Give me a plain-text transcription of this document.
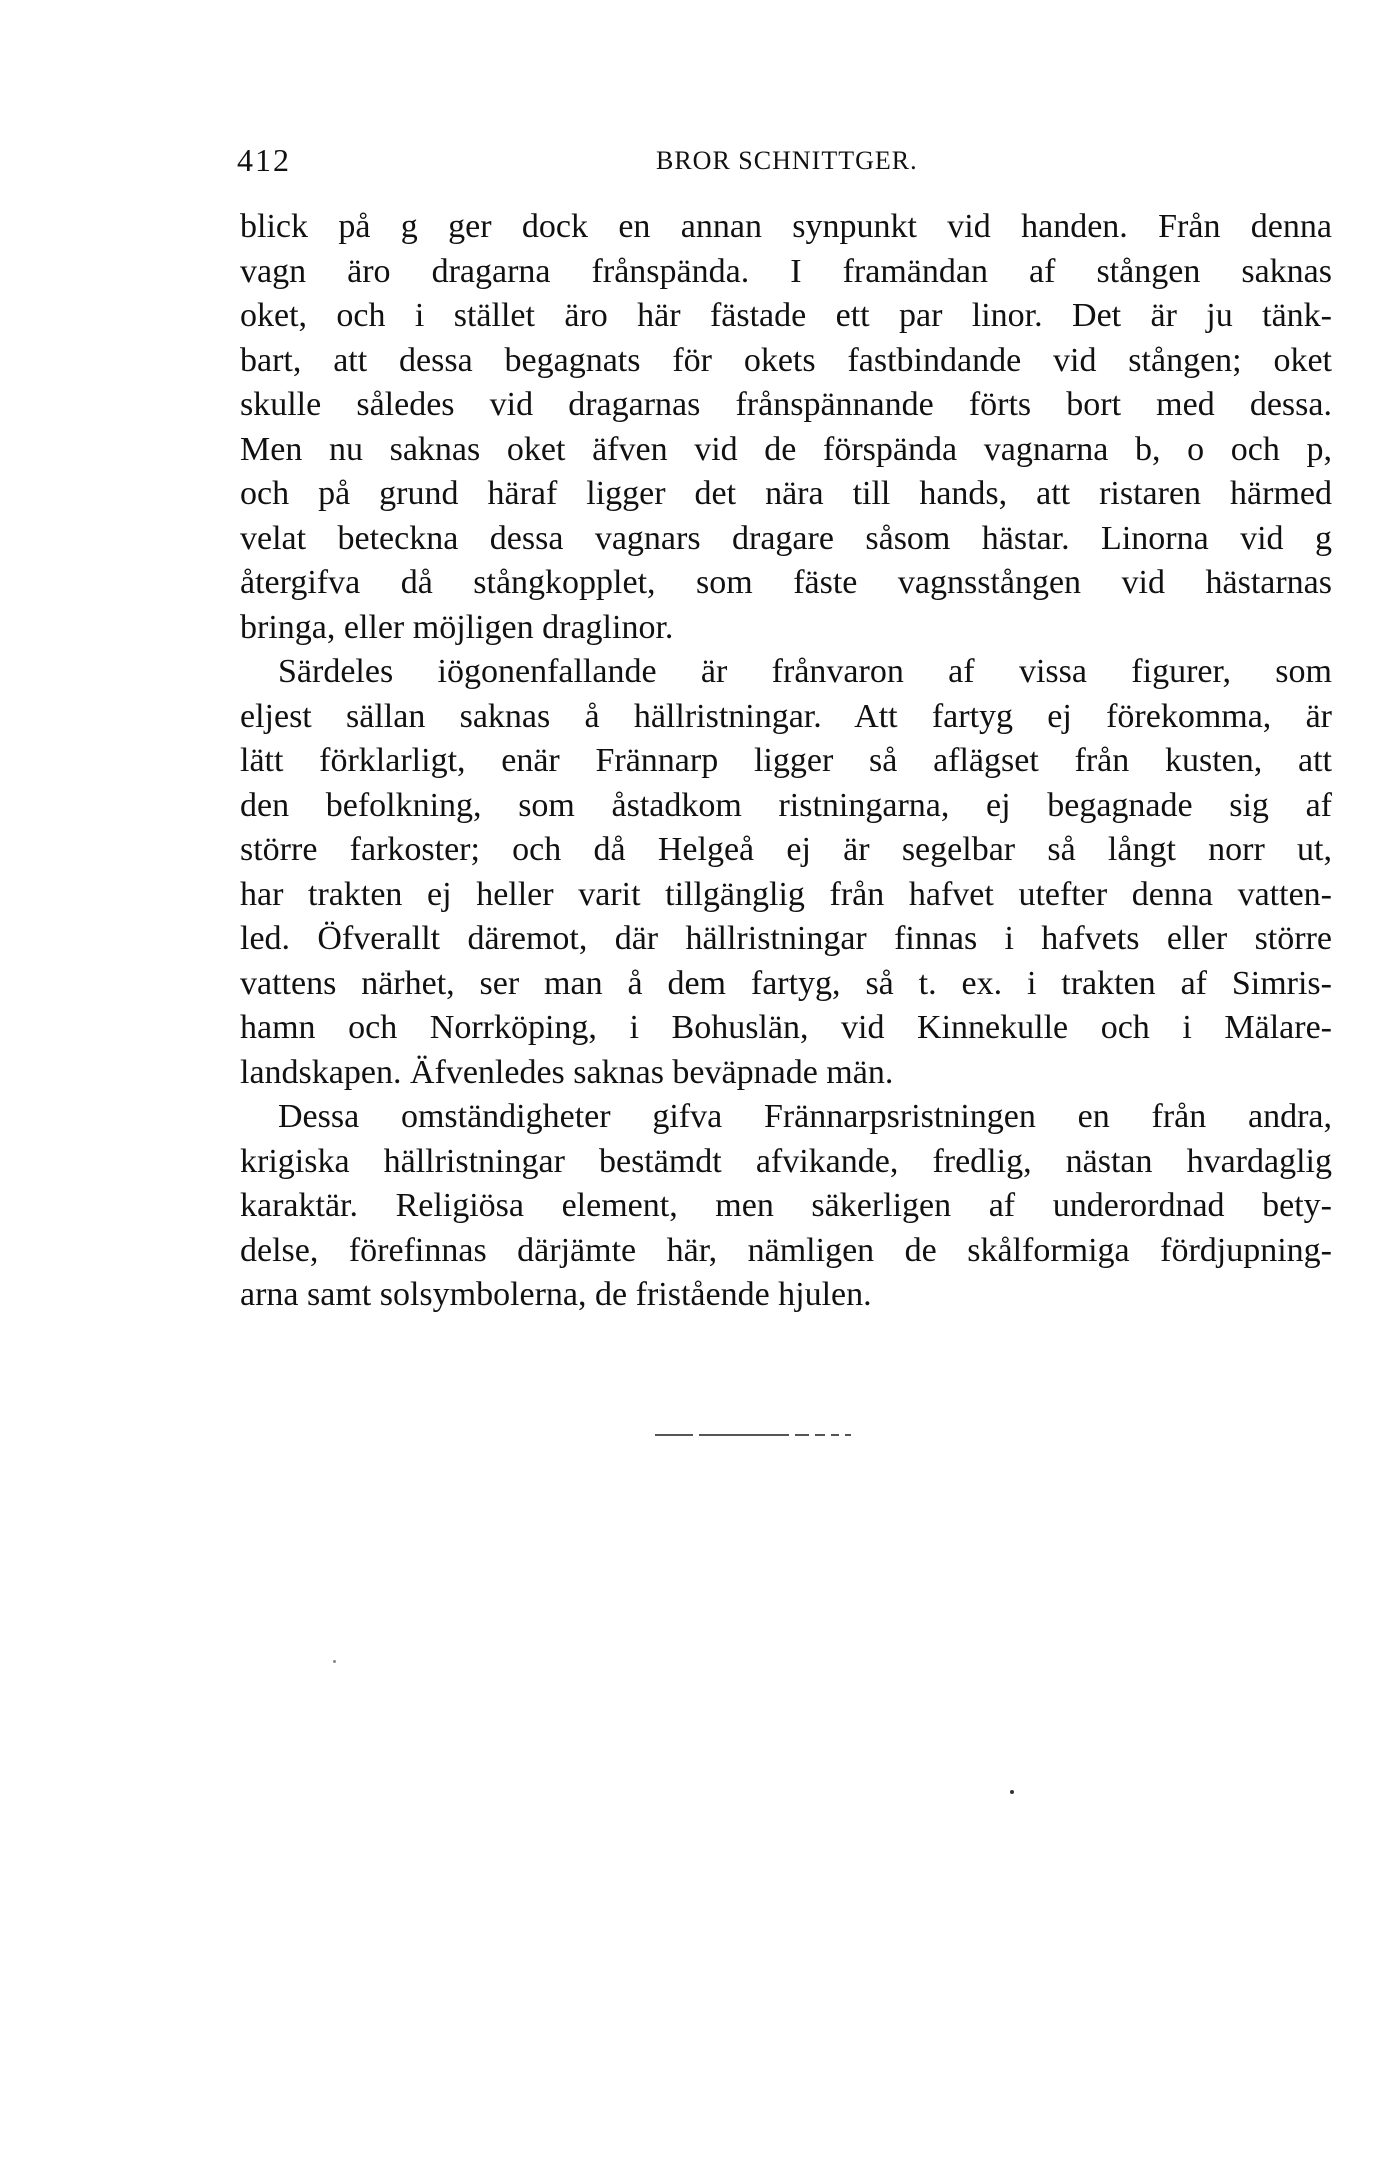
412	BROR SCHNITTGER.
blick på g ger dock en annan synpunkt vid handen. Från denna
vagn äro dragarna frånspända. I framändan af stången saknas
oket, och i stället äro här fästade ett par linor. Det är ju tänk-
bart, att dessa begagnats för okets fastbindande vid stången; oket
skulle således vid dragarnas frånspännande förts bort med dessa.
Men nu saknas oket äfven vid de förspända vagnarna b, o och p,
och på grund häraf ligger det nära till hands, att ristaren härmed
velat beteckna dessa vagnars dragare såsom hästar. Linorna vid g
återgifva då stångkopplet, som fäste vagnsstången vid hästarnas
bringa, eller möjligen draglinor.
Särdeles iögonenfallande är frånvaron af vissa figurer, som
eljest sällan saknas å hällristningar. Att fartyg ej förekomma, är
lätt förklarligt, enär Frännarp ligger så aflägset från kusten, att
den befolkning, som åstadkom ristningarna, ej begagnade sig af
större farkoster; och då Helgeå ej är segelbar så långt norr ut,
har trakten ej heller varit tillgänglig från hafvet utefter denna vatten-
led. Öfverallt däremot, där hällristningar finnas i hafvets eller större
vattens närhet, ser man å dem fartyg, så t. ex. i trakten af Simris-
hamn och Norrköping, i Bohuslän, vid Kinnekulle och i Mälare-
landskapen. Äfvenledes saknas beväpnade män.
Dessa omständigheter gifva Frännarpsristningen en från andra,
krigiska hällristningar bestämdt afvikande, fredlig, nästan hvardaglig
karaktär. Religiösa element, men säkerligen af underordnad bety-
delse, förefinnas därjämte här, nämligen de skålformiga fördjupning-
arna samt solsymbolerna, de fristående hjulen.
